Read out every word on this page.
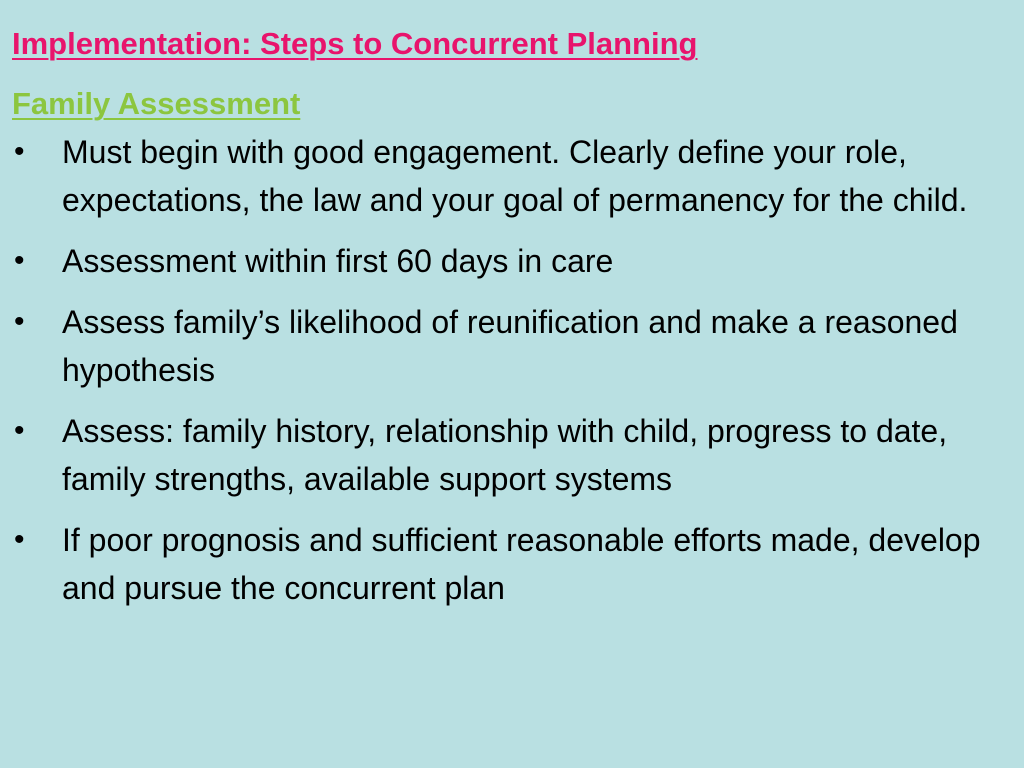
Implementation: Steps to Concurrent Planning
Family Assessment
• Must begin with good engagement. Clearly define your role, expectations, the law and your goal of permanency for the child.
• Assessment within first 60 days in care
• Assess family’s likelihood of reunification and make a reasoned hypothesis
• Assess: family history, relationship with child, progress to date, family strengths, available support systems
• If poor prognosis and sufficient reasonable efforts made, develop and pursue the concurrent plan
